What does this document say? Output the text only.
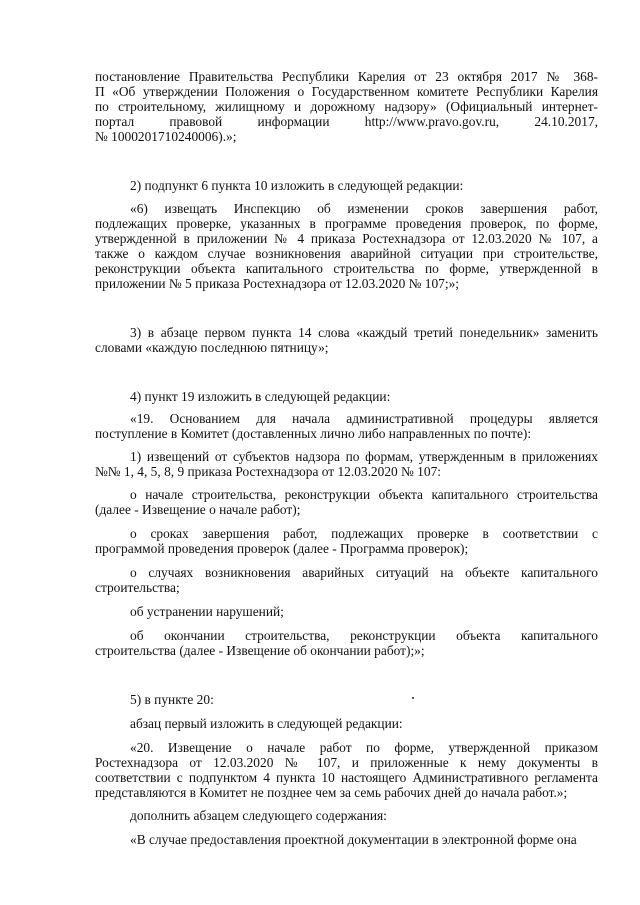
постановление Правительства Республики Карелия от 23 октября 2017 № 368-
П «Об утверждении Положения о Государственном комитете Республики Карелия
по строительному, жилищному и дорожному надзору» (Официальный интернет-
портал правовой информации http://www.pravo.gov.ru, 24.10.2017,
№ 1000201710240006).»;
2) подпункт 6 пункта 10 изложить в следующей редакции:
«6) извещать Инспекцию об изменении сроков завершения работ,
подлежащих проверке, указанных в программе проведения проверок, по форме,
утвержденной в приложении № 4 приказа Ростехнадзора от 12.03.2020 № 107, а
также о каждом случае возникновения аварийной ситуации при строительстве,
реконструкции объекта капитального строительства по форме, утвержденной в
приложении № 5 приказа Ростехнадзора от 12.03.2020 № 107;»;
3) в абзаце первом пункта 14 слова «каждый третий понедельник» заменить
словами «каждую последнюю пятницу»;
4) пункт 19 изложить в следующей редакции:
«19. Основанием для начала административной процедуры является
поступление в Комитет (доставленных лично либо направленных по почте):
1) извещений от субъектов надзора по формам, утвержденным в приложениях
№№ 1, 4, 5, 8, 9 приказа Ростехнадзора от 12.03.2020 № 107:
о начале строительства, реконструкции объекта капитального строительства
(далее - Извещение о начале работ);
о сроках завершения работ, подлежащих проверке в соответствии с
программой проведения проверок (далее - Программа проверок);
о случаях возникновения аварийных ситуаций на объекте капитального
строительства;
об устранении нарушений;
об окончании строительства, реконструкции объекта капитального
строительства (далее - Извещение об окончании работ);»;
5) в пункте 20:
абзац первый изложить в следующей редакции:
«20. Извещение о начале работ по форме, утвержденной приказом
Ростехнадзора от 12.03.2020 № 107, и приложенные к нему документы в
соответствии с подпунктом 4 пункта 10 настоящего Административного регламента
представляются в Комитет не позднее чем за семь рабочих дней до начала работ.»;
дополнить абзацем следующего содержания:
«В случае предоставления проектной документации в электронной форме она
